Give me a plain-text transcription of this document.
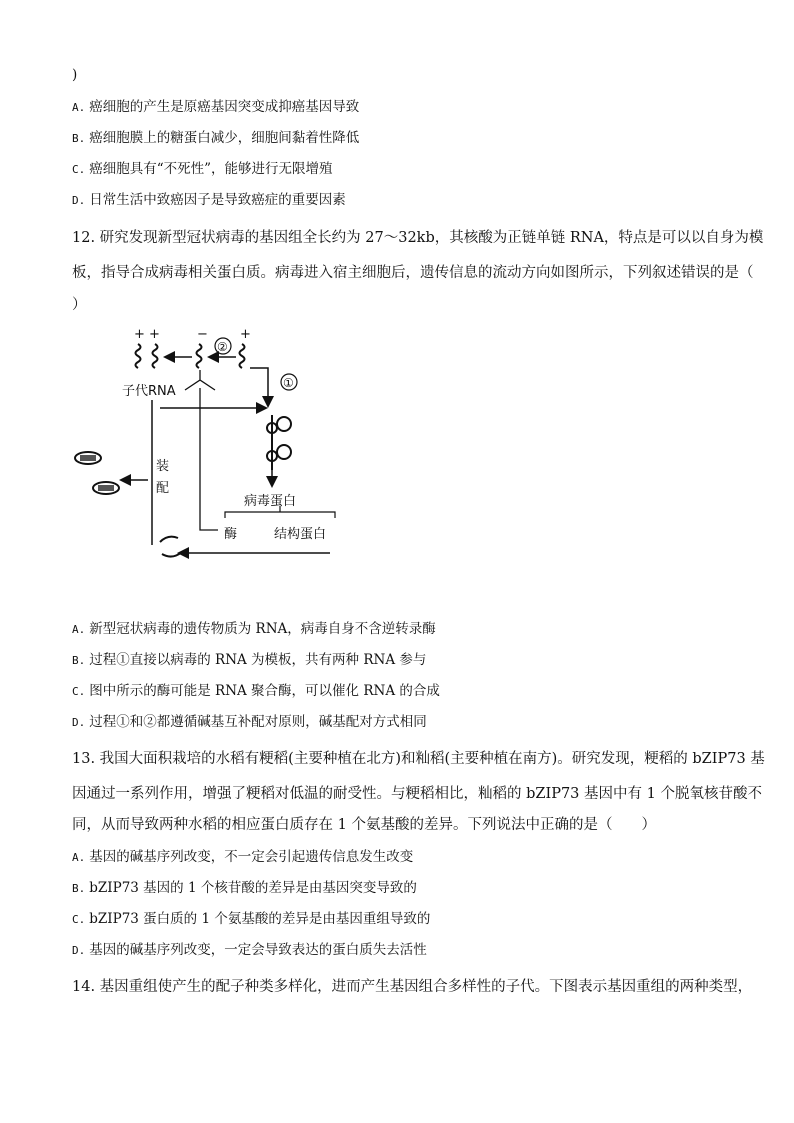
)
A. 癌细胞的产生是原癌基因突变成抑癌基因导致
B. 癌细胞膜上的糖蛋白减少，细胞间黏着性降低
C. 癌细胞具有“不死性”，能够进行无限增殖
D. 日常生活中致癌因子是导致癌症的重要因素
12. 研究发现新型冠状病毒的基因组全长约为 27～32kb，其核酸为正链单链 RNA，特点是可以以自身为模
板，指导合成病毒相关蛋白质。病毒进入宿主细胞后，遗传信息的流动方向如图所示，下列叙述错误的是（
）
+ +	− +
②
①
子代RNA
病毒蛋白
酶	结构蛋白
装
配
A. 新型冠状病毒的遗传物质为 RNA，病毒自身不含逆转录酶
B. 过程①直接以病毒的 RNA 为模板，共有两种 RNA 参与
C. 图中所示的酶可能是 RNA 聚合酶，可以催化 RNA 的合成
D. 过程①和②都遵循碱基互补配对原则，碱基配对方式相同
13. 我国大面积栽培的水稻有粳稻(主要种植在北方)和籼稻(主要种植在南方)。研究发现，粳稻的 bZIP73 基
因通过一系列作用，增强了粳稻对低温的耐受性。与粳稻相比，籼稻的 bZIP73 基因中有 1 个脱氧核苷酸不
同，从而导致两种水稻的相应蛋白质存在 1 个氨基酸的差异。下列说法中正确的是（　　）
A. 基因的碱基序列改变，不一定会引起遗传信息发生改变
B. bZIP73 基因的 1 个核苷酸的差异是由基因突变导致的
C. bZIP73 蛋白质的 1 个氨基酸的差异是由基因重组导致的
D. 基因的碱基序列改变，一定会导致表达的蛋白质失去活性
14. 基因重组使产生的配子种类多样化，进而产生基因组合多样性的子代。下图表示基因重组的两种类型，
